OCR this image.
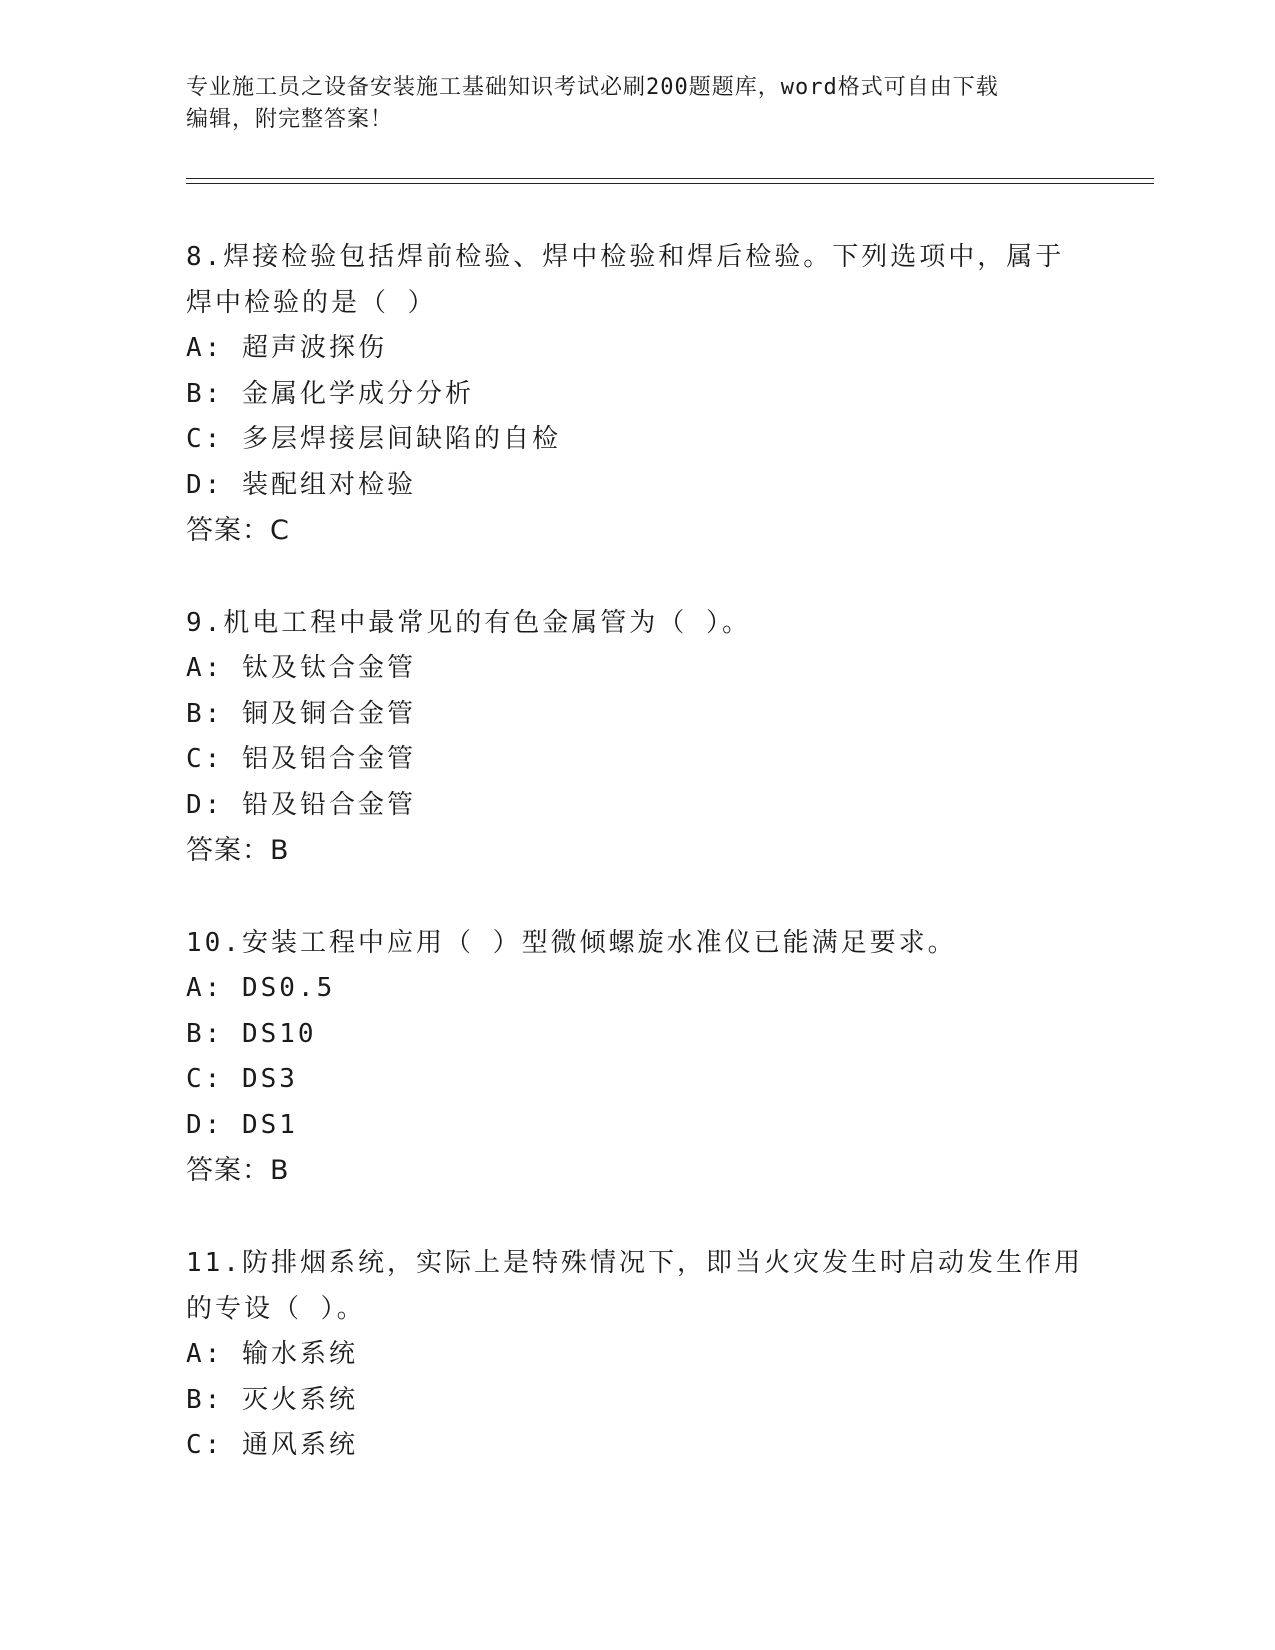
专业施工员之设备安装施工基础知识考试必刷200题题库，word格式可自由下载
编辑，附完整答案！
8.焊接检验包括焊前检验、焊中检验和焊后检验。下列选项中，属于
焊中检验的是（ ）
A: 超声波探伤
B: 金属化学成分分析
C: 多层焊接层间缺陷的自检
D: 装配组对检验
答案：C
9.机电工程中最常见的有色金属管为（ ）。
A: 钛及钛合金管
B: 铜及铜合金管
C: 铝及铝合金管
D: 铅及铅合金管
答案：B
10.安装工程中应用（ ）型微倾螺旋水准仪已能满足要求。
A: DS0.5
B: DS10
C: DS3
D: DS1
答案：B
11.防排烟系统，实际上是特殊情况下，即当火灾发生时启动发生作用
的专设（ ）。
A: 输水系统
B: 灭火系统
C: 通风系统
